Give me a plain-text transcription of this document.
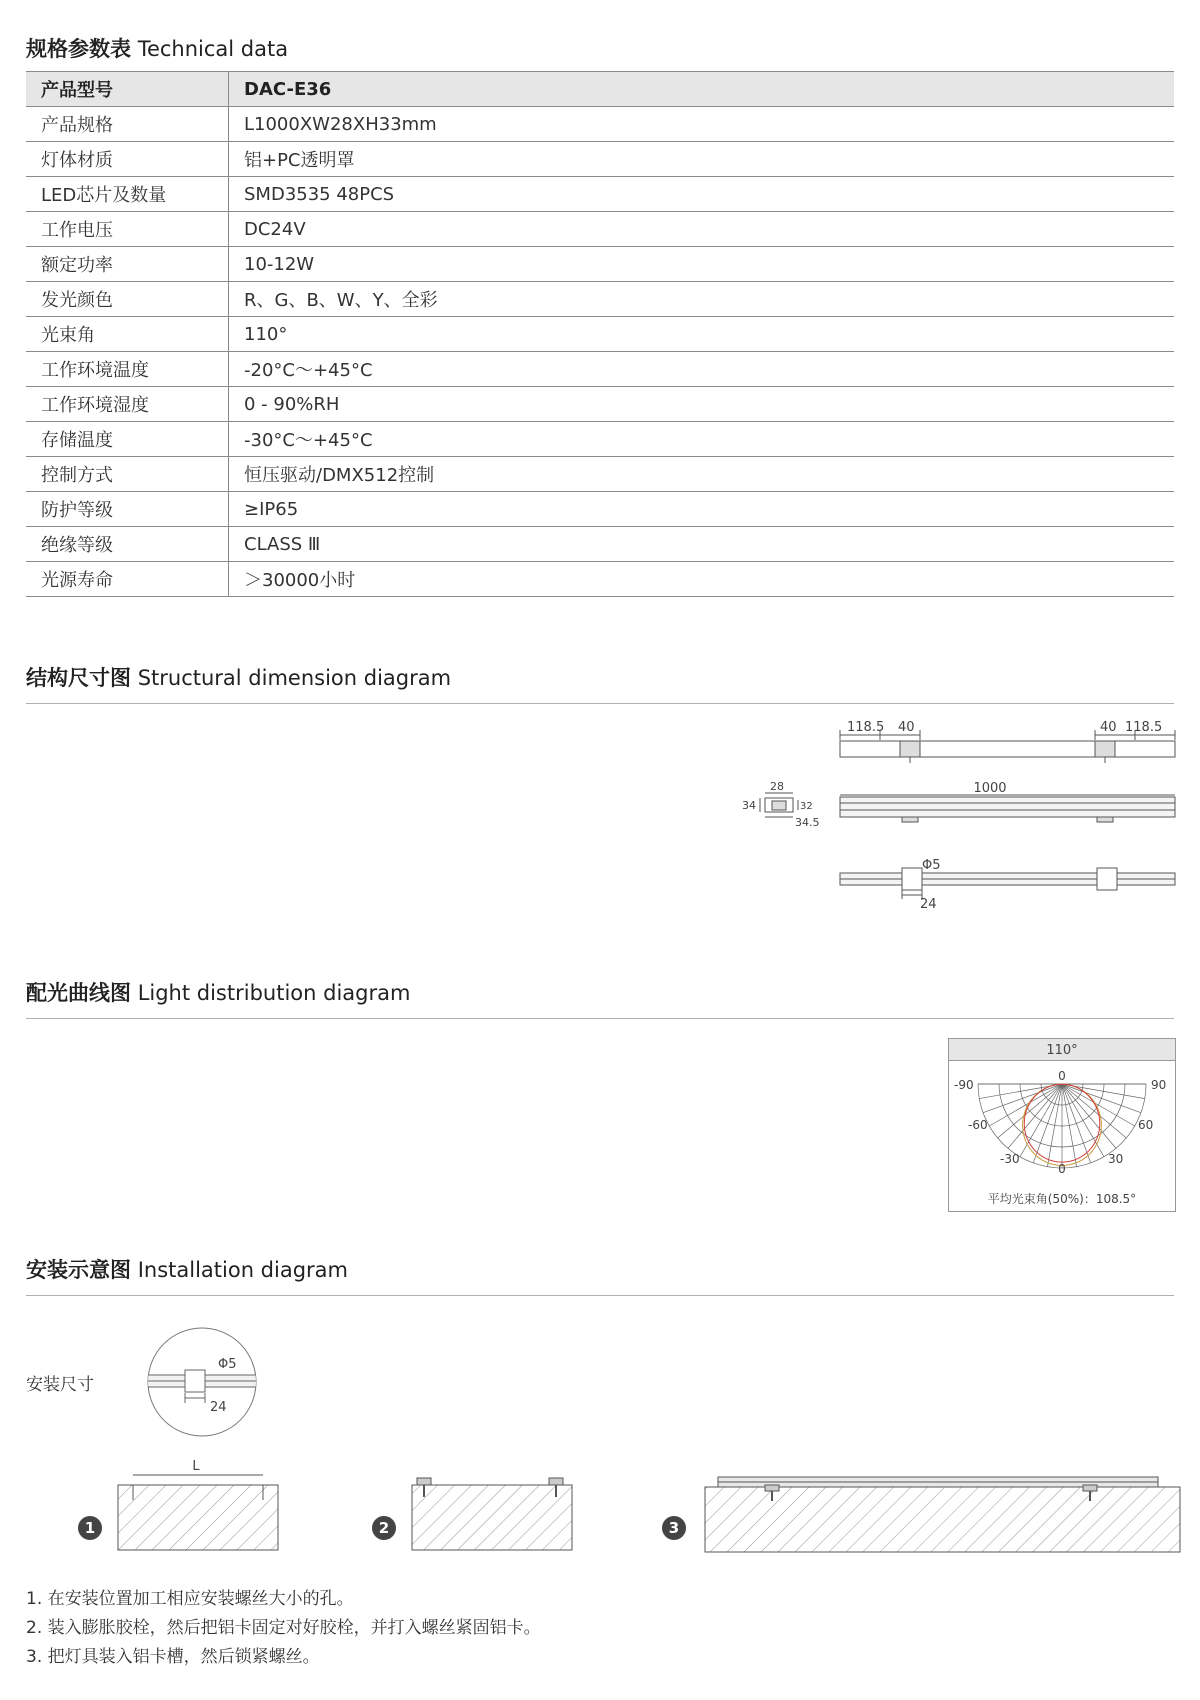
规格参数表 Technical data
产品型号	DAC-E36
产品规格	L1000XW28XH33mm
灯体材质	铝+PC透明罩
LED芯片及数量	SMD3535 48PCS
工作电压	DC24V
额定功率	10-12W
发光颜色	R、G、B、W、Y、全彩
光束角	110°
工作环境温度	-20°C～+45°C
工作环境湿度	0 - 90%RH
存储温度	-30°C～+45°C
控制方式	恒压驱动/DMX512控制
防护等级	≥IP65
绝缘等级	CLASS Ⅲ
光源寿命	＞30000小时
结构尺寸图 Structural dimension diagram
118.5 40	40 118.5
1000
28
34	32
34.5
Φ5
24
配光曲线图 Light distribution diagram
110°
0
-90	90
-60	60
-30	30
0
平均光束角(50%)：108.5°
安装示意图 Installation diagram
安装尺寸
Φ5
24
L
1	2	3
1. 在安装位置加工相应安装螺丝大小的孔。
2. 装入膨胀胶栓，然后把铝卡固定对好胶栓，并打入螺丝紧固铝卡。
3. 把灯具装入铝卡槽，然后锁紧螺丝。
